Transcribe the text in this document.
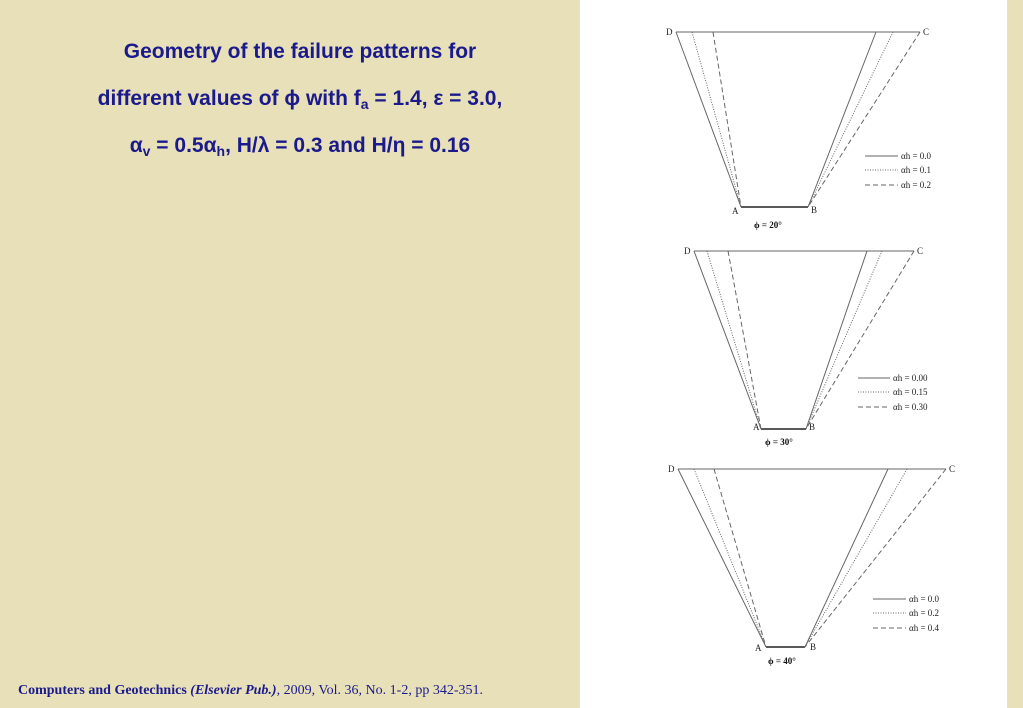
Geometry of the failure patterns for
different values of ϕ with $f_a = 1.4$, ε = 3.0,
$\alpha_v = 0.5\alpha_h$, H/λ = 0.3 and H/η = 0.16
D	C
A	B
ϕ = 20°
αh = 0.0
αh = 0.1
αh = 0.2
D	C
A	B
ϕ = 30°
αh = 0.00
αh = 0.15
αh = 0.30
D	C
A	B
ϕ = 40°
αh = 0.0
αh = 0.2
αh = 0.4
Computers and Geotechnics (Elsevier Pub.), 2009, Vol. 36, No. 1-2, pp 342-351.
